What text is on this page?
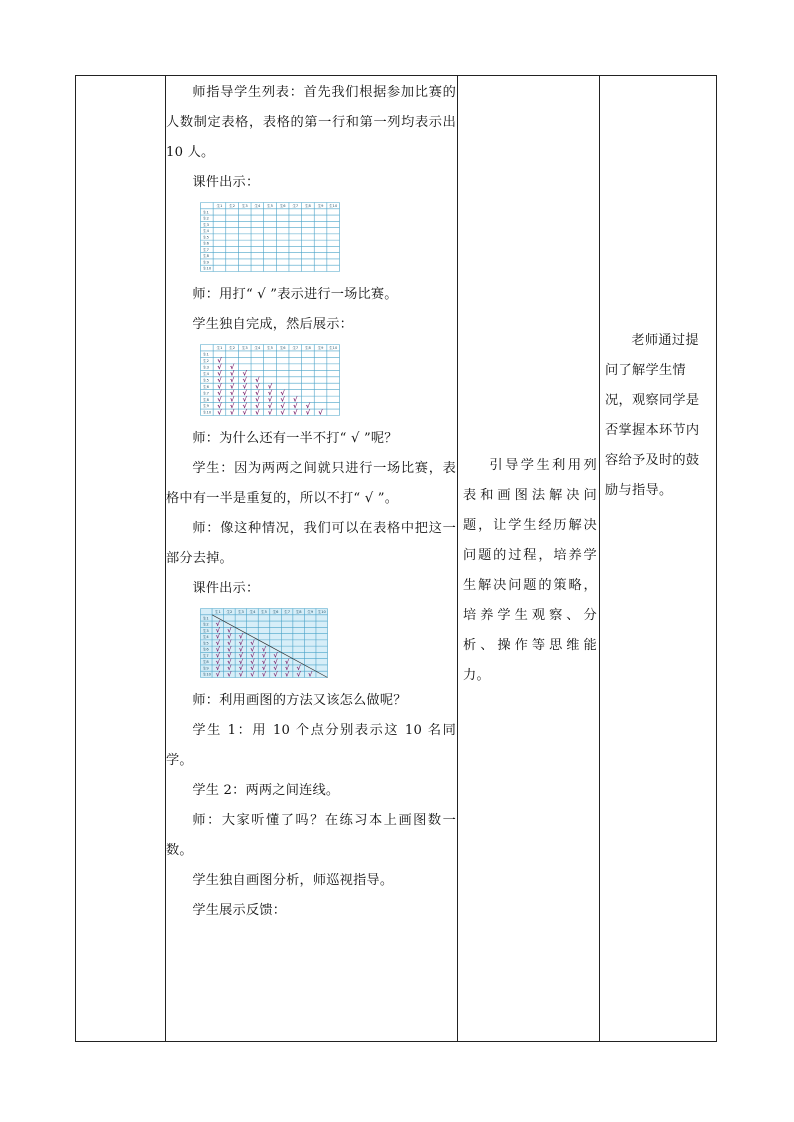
师指导学生列表：首先我们根据参加比赛的人数制定表格，表格的第一行和第一列均表示出 10 人。

课件出示：

生1
生1
生2
生2
生3
生3
生4
生4
生5
生5
生6
生6
生7
生7
生8
生8
生9
生9
生10
生10

师：用打“ √ ”表示进行一场比赛。

学生独自完成，然后展示：

生1
生1
生2
生2
生3
生3
生4
生4
生5
生5
生6
生6
生7
生7
生8
生8
生9
生9
生10
生10
√
√ √
√ √ √
√ √ √ √
√ √ √ √ √
√ √ √ √ √ √
√ √ √ √ √ √ √
√ √ √ √ √ √ √ √
√ √ √ √ √ √ √ √ √

师：为什么还有一半不打“ √ ”呢？

学生：因为两两之间就只进行一场比赛，表格中有一半是重复的，所以不打“ √ ”。

师：像这种情况，我们可以在表格中把这一部分去掉。

课件出示：

生1
生1
生2
生2
生3
生3
生4
生4
生5
生5
生6
生6
生7
生7
生8
生8
生9
生9
生10
生10
√
√ √
√ √ √
√ √ √ √
√ √ √ √ √
√ √ √ √ √ √
√ √ √ √ √ √ √
√ √ √ √ √ √ √ √
√ √ √ √ √ √ √ √ √

师：利用画图的方法又该怎么做呢？

学生 1：用 10 个点分别表示这 10 名同学。

学生 2：两两之间连线。

师：大家听懂了吗？在练习本上画图数一数。

学生独自画图分析，师巡视指导。

学生展示反馈：

引导学生利用列表和画图法解决问题，让学生经历解决问题的过程，培养学生解决问题的策略，培养学生观察、分析、操作等思维能力。
老师通过提问了解学生情况，观察同学是否掌握本环节内容给予及时的鼓励与指导。
